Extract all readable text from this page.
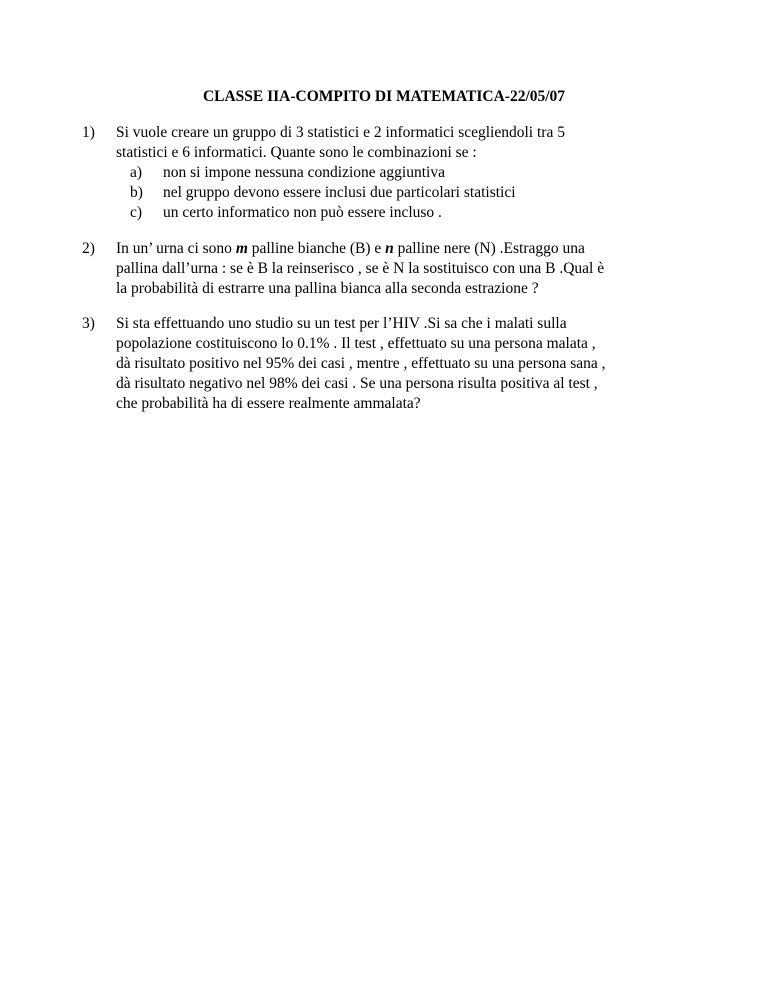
CLASSE IIA-COMPITO DI MATEMATICA-22/05/07
1) Si vuole creare un gruppo di 3 statistici e 2 informatici scegliendoli tra 5
statistici e 6 informatici. Quante sono le combinazioni se :
a) non si impone nessuna condizione aggiuntiva
b) nel gruppo devono essere inclusi due particolari statistici
c) un certo informatico non può essere incluso .
2) In un’ urna ci sono m palline bianche (B) e n palline nere (N) .Estraggo una
pallina dall’urna : se è B la reinserisco , se è N la sostituisco con una B .Qual è
la probabilità di estrarre una pallina bianca alla seconda estrazione ?
3) Si sta effettuando uno studio su un test per l’HIV .Si sa che i malati sulla
popolazione costituiscono lo 0.1% . Il test , effettuato su una persona malata ,
dà risultato positivo nel 95% dei casi , mentre , effettuato su una persona sana ,
dà risultato negativo nel 98% dei casi . Se una persona risulta positiva al test ,
che probabilità ha di essere realmente ammalata?
